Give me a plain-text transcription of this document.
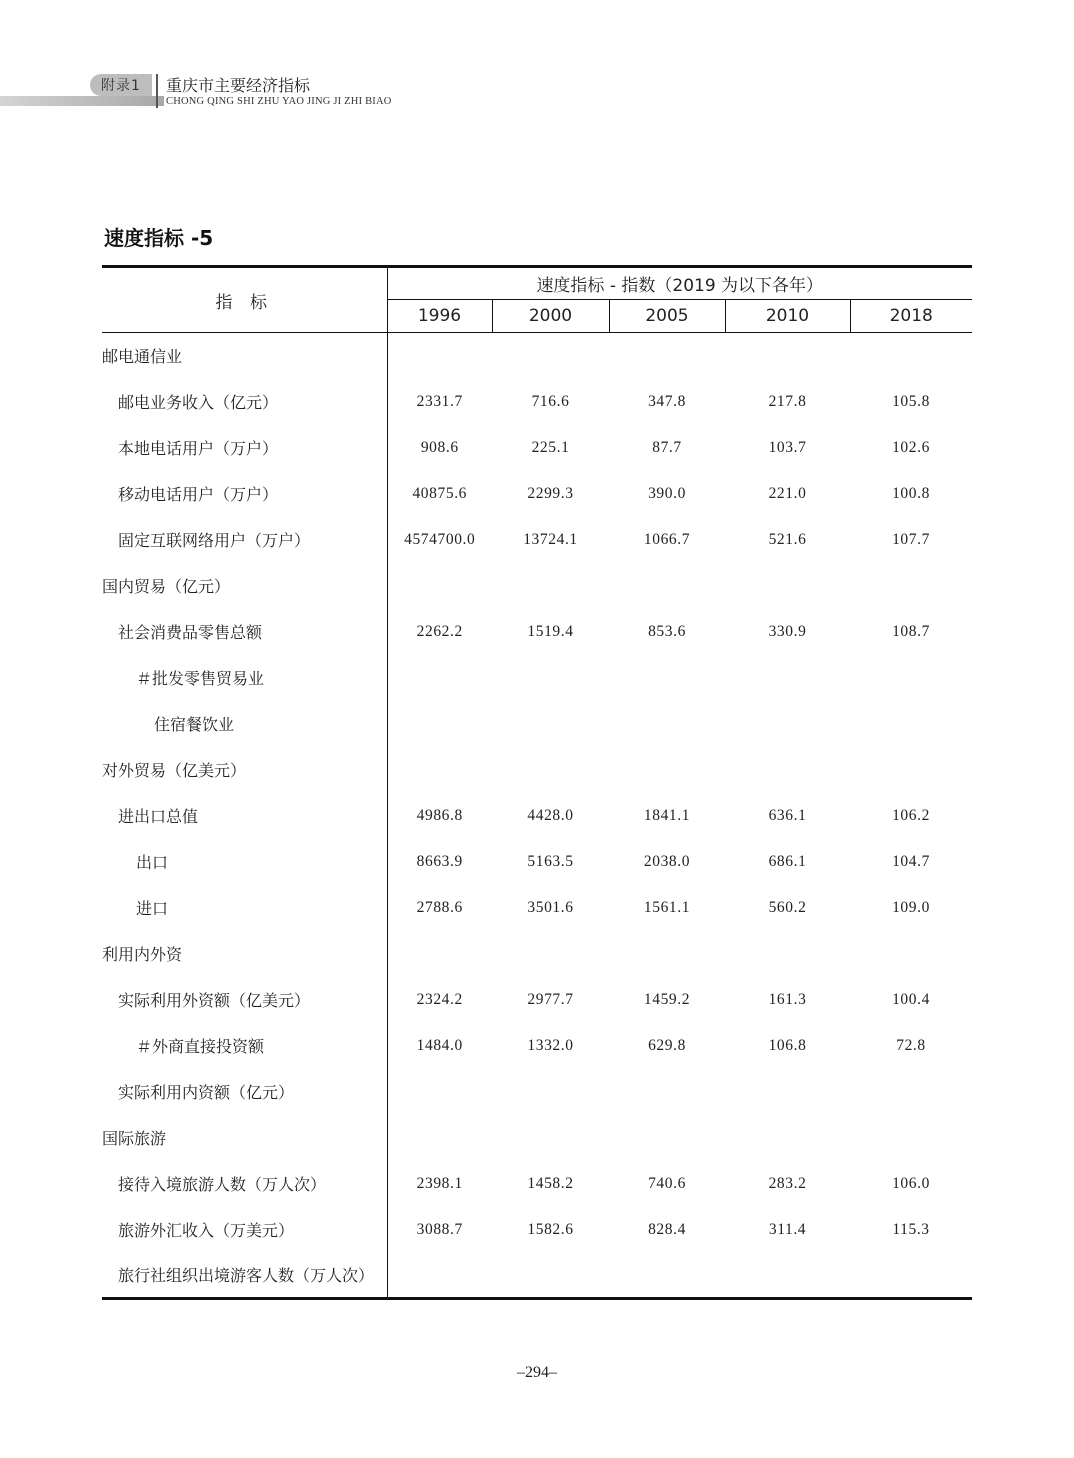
附录1	重庆市主要经济指标
CHONG QING SHI ZHU YAO JING JI ZHI BIAO
速度指标 -5
指 标	速度指标 - 指数（2019 为以下各年）				
	1996	2000	2005	2010	2018
邮电通信业					
邮电业务收入（亿元）	2331.7	716.6	347.8	217.8	105.8
本地电话用户（万户）	908.6	225.1	87.7	103.7	102.6
移动电话用户（万户）	40875.6	2299.3	390.0	221.0	100.8
固定互联网络用户（万户）	4574700.0	13724.1	1066.7	521.6	107.7
国内贸易（亿元）					
社会消费品零售总额	2262.2	1519.4	853.6	330.9	108.7
＃批发零售贸易业					
住宿餐饮业					
对外贸易（亿美元）					
进出口总值	4986.8	4428.0	1841.1	636.1	106.2
出口	8663.9	5163.5	2038.0	686.1	104.7
进口	2788.6	3501.6	1561.1	560.2	109.0
利用内外资					
实际利用外资额（亿美元）	2324.2	2977.7	1459.2	161.3	100.4
＃外商直接投资额	1484.0	1332.0	629.8	106.8	72.8
实际利用内资额（亿元）					
国际旅游					
接待入境旅游人数（万人次）	2398.1	1458.2	740.6	283.2	106.0
旅游外汇收入（万美元）	3088.7	1582.6	828.4	311.4	115.3
旅行社组织出境游客人数（万人次）					
–294–
